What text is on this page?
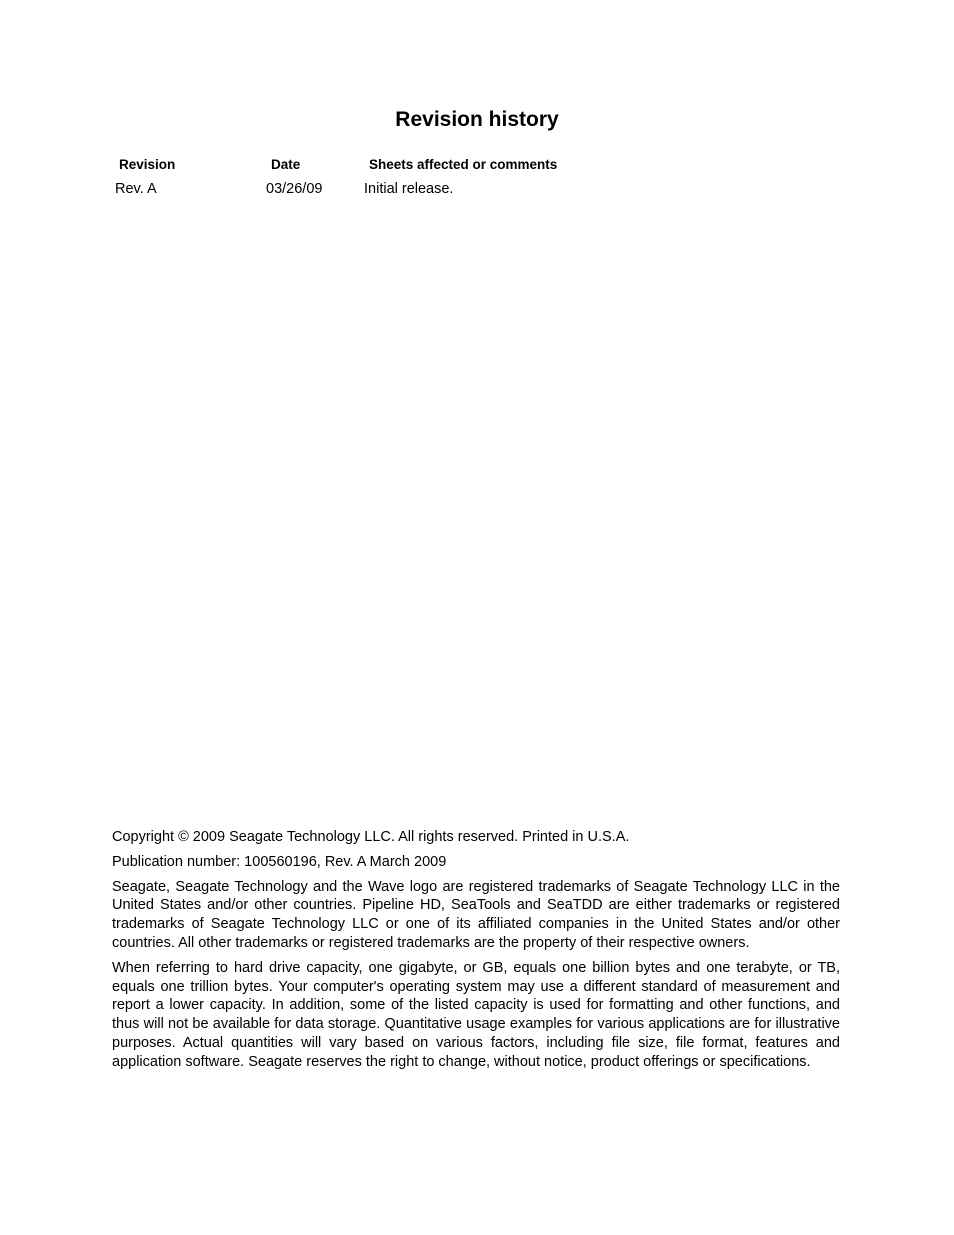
Revision history
Revision	Date	Sheets affected or comments
Rev. A	03/26/09	Initial release.

Copyright © 2009 Seagate Technology LLC. All rights reserved. Printed in U.S.A.

Publication number: 100560196, Rev. A March 2009

Seagate, Seagate Technology and the Wave logo are registered trademarks of Seagate Technology LLC in the United States and/or other countries. Pipeline HD, SeaTools and SeaTDD are either trademarks or registered trademarks of Seagate Technology LLC or one of its affiliated companies in the United States and/or other countries. All other trademarks or registered trademarks are the property of their respective owners.

When referring to hard drive capacity, one gigabyte, or GB, equals one billion bytes and one terabyte, or TB, equals one trillion bytes. Your computer's operating system may use a different standard of measurement and report a lower capacity. In addition, some of the listed capacity is used for formatting and other functions, and thus will not be available for data storage. Quantitative usage examples for various applications are for illustrative purposes. Actual quantities will vary based on various factors, including file size, file format, features and application software. Seagate reserves the right to change, without notice, product offerings or specifications.
